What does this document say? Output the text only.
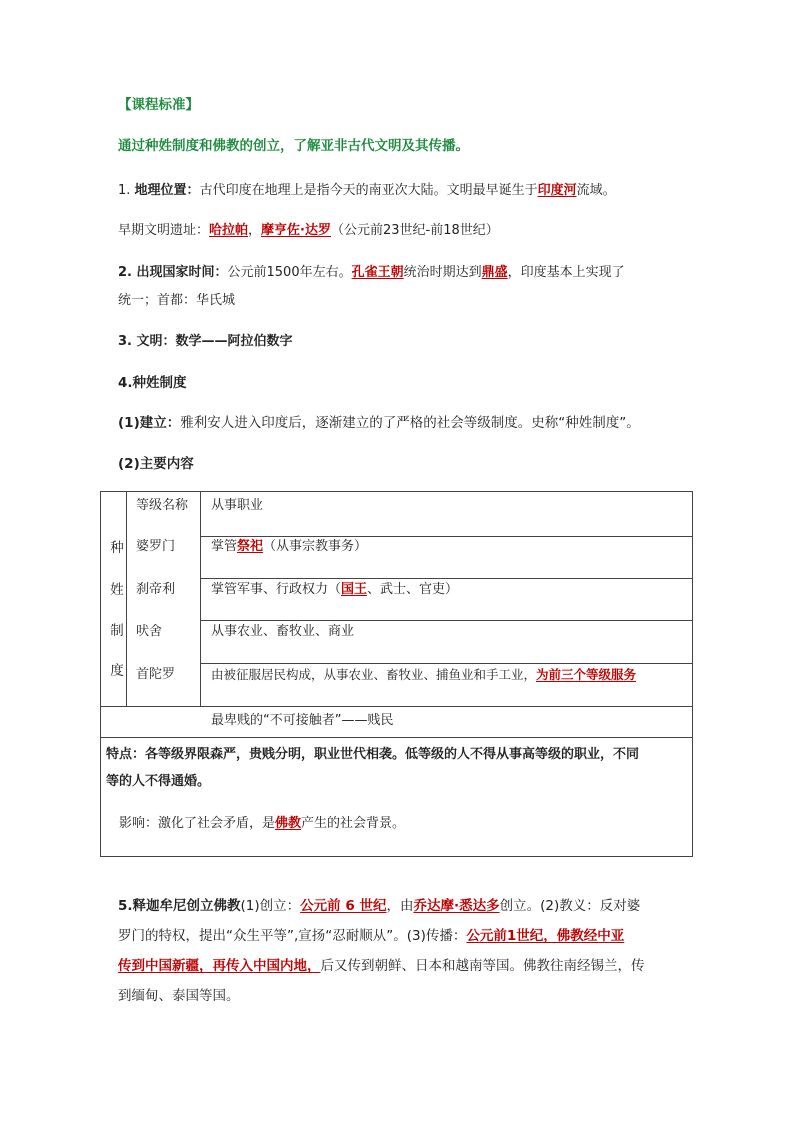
【课程标准】
通过种姓制度和佛教的创立，了解亚非古代文明及其传播。
1. 地理位置：古代印度在地理上是指今天的南亚次大陆。文明最早诞生于印度河流域。
早期文明遗址：哈拉帕，摩亨佐·达罗（公元前23世纪-前18世纪）
2. 出现国家时间：公元前1500年左右。孔雀王朝统治时期达到鼎盛，印度基本上实现了
统一；首都：华氏城
3. 文明：数学——阿拉伯数字
4.种姓制度
(1)建立：雅利安人进入印度后，逐渐建立的了严格的社会等级制度。史称“种姓制度”。
(2)主要内容
种
姓
制
度
等级名称 从事职业
婆罗门	掌管祭祀（从事宗教事务）
刹帝利	掌管军事、行政权力（国王、武士、官吏）
吠舍	从事农业、畜牧业、商业
首陀罗	由被征服居民构成，从事农业、畜牧业、捕鱼业和手工业，为前三个等级服务
最卑贱的“不可接触者”——贱民
特点：各等级界限森严，贵贱分明，职业世代相袭。低等级的人不得从事高等级的职业，不同
等的人不得通婚。
影响：激化了社会矛盾，是佛教产生的社会背景。
5.释迦牟尼创立佛教(1)创立：公元前 6 世纪，由乔达摩·悉达多创立。(2)教义：反对婆
罗门的特权，提出“众生平等”,宣扬“忍耐顺从”。(3)传播：公元前1世纪，佛教经中亚
传到中国新疆，再传入中国内地，后又传到朝鲜、日本和越南等国。佛教往南经锡兰，传
到缅甸、泰国等国。
